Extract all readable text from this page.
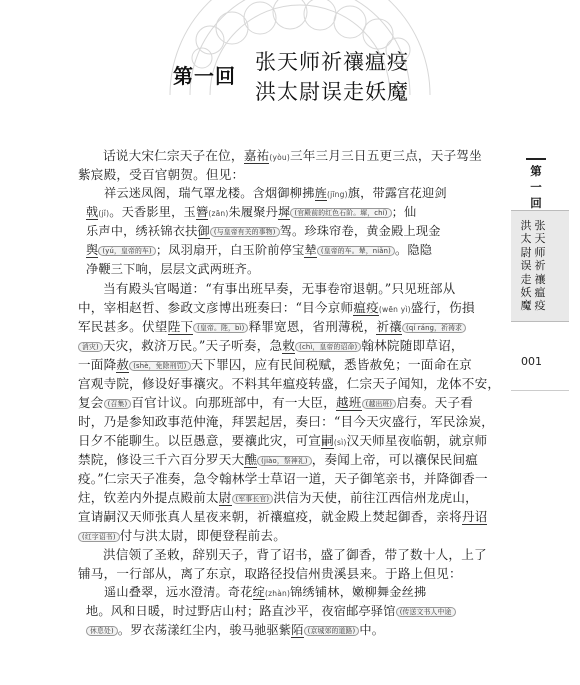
第一回
张天师祈禳瘟疫
洪太尉误走妖魔
话说大宋仁宗天子在位，嘉祐(yòu)三年三月三日五更三点，天子驾坐
紫宸殿，受百官朝贺。但见：
祥云迷凤阁，瑞气罩龙楼。含烟御柳拂旌(jīng)旗，带露宫花迎剑
戟(jǐ)。天香影里，玉簪(zān)朱履聚丹墀 (官殿前的红色石阶。墀，chí) ；仙
乐声中，绣袄锦衣扶御 (与皇帝有关的事物) 驾。珍珠帘卷，黄金殿上现金
舆 (yú，皇帝的车) ；凤羽扇开，白玉阶前停宝辇 (皇帝的车。辇，niǎn) 。隐隐
净鞭三下响，层层文武两班齐。
当有殿头官喝道：“有事出班早奏，无事卷帘退朝。”只见班部从
中，宰相赵哲、参政文彦博出班奏曰：“目今京师瘟疫(wēn yì)盛行，伤損
军民甚多。伏望陛下 (皇帝。陛，bì) 释罪宽恩，省刑薄税，祈禳 (qí ráng，祈祷求
消灾) 天灾，救济万民。”天子听奏，急敕 (chì，皇帝的诏命) 翰林院随即草诏，
一面降赦 (shè，免除刑罚) 天下罪囚，应有民间税赋，悉皆赦免；一面命在京
宫观寺院，修设好事禳灾。不料其年瘟疫转盛，仁宗天子闻知，龙体不安，
复会 (召集) 百官计议。向那班部中，有一大臣，越班 (越出班) 启奏。天子看
时，乃是参知政事范仲淹，拜罢起居，奏曰：“目今天灾盛行，军民涂炭，
日夕不能聊生。以臣愚意，要禳此灾，可宣嗣(sì)汉天师星夜临朝，就京师
禁院，修设三千六百分罗天大醮 (jiào，祭神礼) ，奏闻上帝，可以禳保民间瘟
疫。”仁宗天子准奏，急令翰林学士草诏一道，天子御笔亲书，并降御香一
炷，钦差内外提点殿前太尉 (军事长官) 洪信为天使，前往江西信州龙虎山，
宣请嗣汉天师张真人星夜来朝，祈禳瘟疫，就金殿上焚起御香，亲将丹诏
(红字诏书) 付与洪太尉，即便登程前去。
洪信领了圣敕，辞别天子，背了诏书，盛了御香，带了数十人，上了
铺马，一行部从，离了东京，取路径投信州贵溪县来。于路上但见：
遥山叠翠，远水澄清。奇花绽(zhàn)锦绣铺林，嫩柳舞金丝拂
地。风和日暖，时过野店山村；路直沙平，夜宿邮亭驿馆 (传送文书人中途
休息处) 。罗衣荡漾红尘内，骏马驰驱紫陌 (京城郊的道路) 中。
第
一
回
洪
太
尉
误
走
妖
魔
张
天
师
祈
禳
瘟
疫
001
